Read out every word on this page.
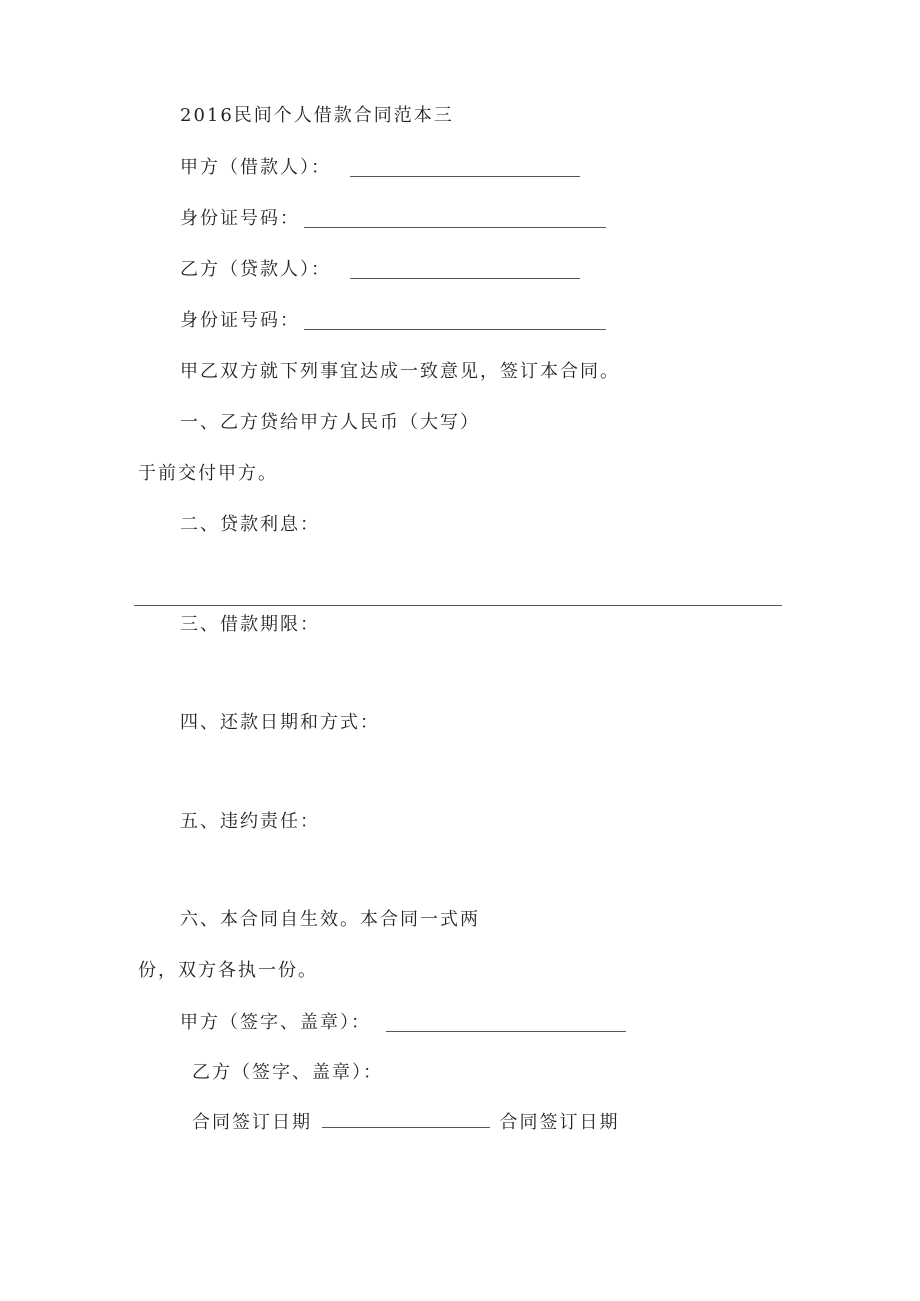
2016民间个人借款合同范本三
甲方（借款人）：
身份证号码：
乙方（贷款人）：
身份证号码：
甲乙双方就下列事宜达成一致意见，签订本合同。
一、乙方贷给甲方人民币（大写）
于前交付甲方。
二、贷款利息：
三、借款期限：
四、还款日期和方式：
五、违约责任：
六、本合同自生效。本合同一式两
份，双方各执一份。
甲方（签字、盖章）：
乙方（签字、盖章）：
合同签订日期	合同签订日期
